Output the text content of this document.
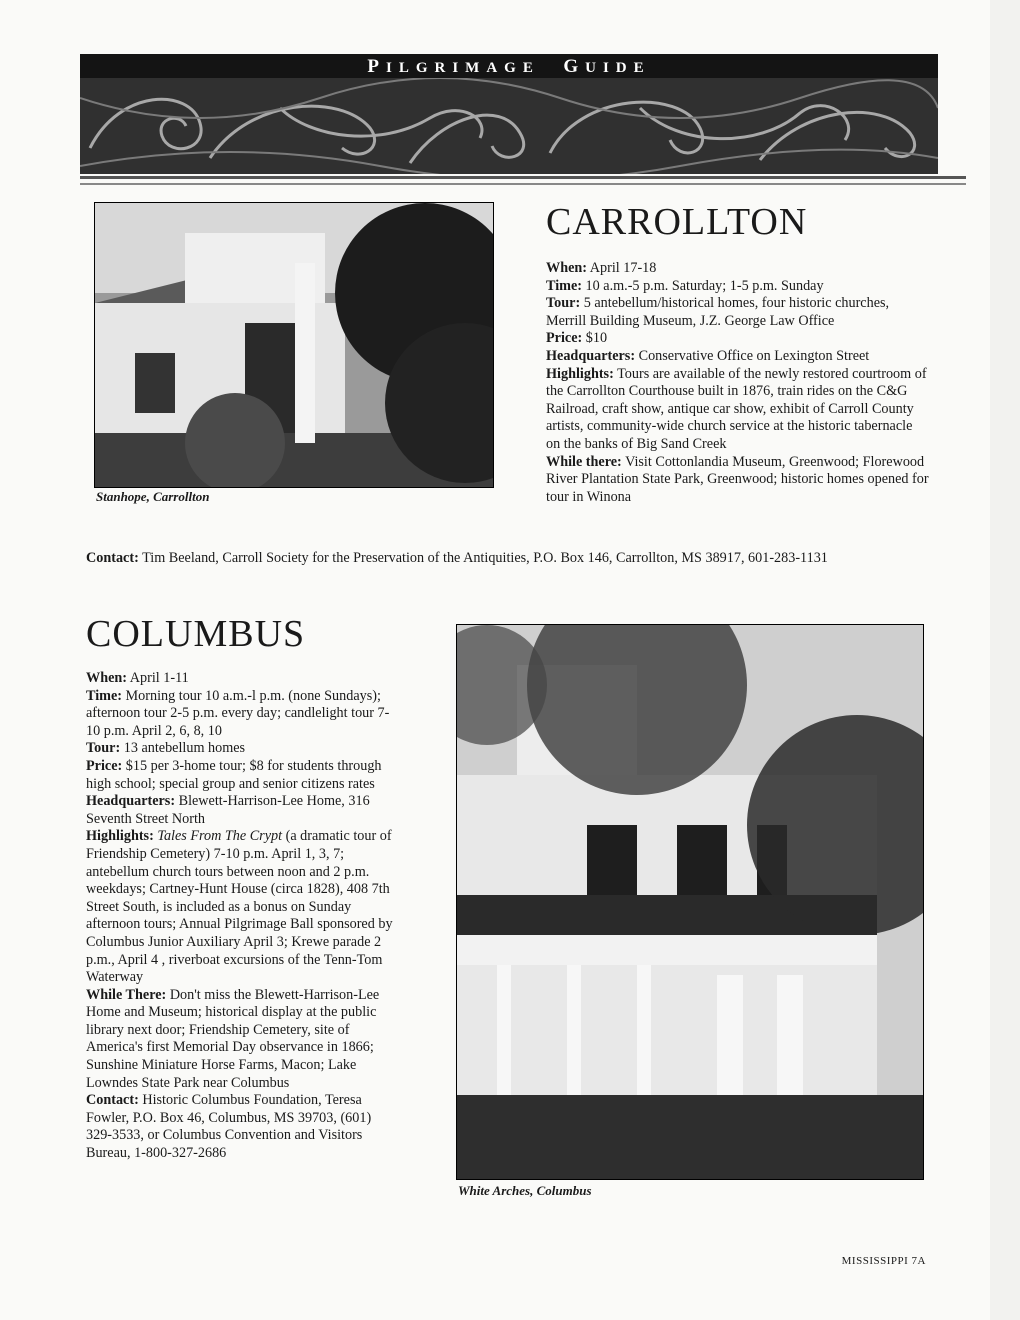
PILGRIMAGE GUIDE
Stanhope, Carrollton
CARROLLTON

When: April 17-18

Time: 10 a.m.-5 p.m. Saturday; 1-5 p.m. Sunday

Tour: 5 antebellum/historical homes, four historic churches, Merrill Building Museum, J.Z. George Law Office

Price: $10

Headquarters: Conservative Office on Lexington Street

Highlights: Tours are available of the newly restored courtroom of the Carrollton Courthouse built in 1876, train rides on the C&G Railroad, craft show, antique car show, exhibit of Carroll County artists, community-wide church service at the historic tabernacle on the banks of Big Sand Creek

While there: Visit Cottonlandia Museum, Greenwood; Florewood River Plantation State Park, Greenwood; historic homes opened for tour in Winona

Contact: Tim Beeland, Carroll Society for the Preservation of the Antiquities, P.O. Box 146, Carrollton, MS 38917, 601-283-1131
COLUMBUS

When: April 1-11

Time: Morning tour 10 a.m.-l p.m. (none Sundays); afternoon tour 2-5 p.m. every day; candlelight tour 7-10 p.m. April 2, 6, 8, 10

Tour: 13 antebellum homes

Price: $15 per 3-home tour; $8 for students through high school; special group and senior citizens rates

Headquarters: Blewett-Harrison-Lee Home, 316 Seventh Street North

Highlights: Tales From The Crypt (a dramatic tour of Friendship Cemetery) 7-10 p.m. April 1, 3, 7; antebellum church tours between noon and 2 p.m. weekdays; Cartney-Hunt House (circa 1828), 408 7th Street South, is included as a bonus on Sunday afternoon tours; Annual Pilgrimage Ball sponsored by Columbus Junior Auxiliary April 3; Krewe parade 2 p.m., April 4 , riverboat excursions of the Tenn-Tom Waterway

While There: Don't miss the Blewett-Harrison-Lee Home and Museum; historical display at the public library next door; Friendship Cemetery, site of America's first Memorial Day observance in 1866; Sunshine Miniature Horse Farms, Macon; Lake Lowndes State Park near Columbus

Contact: Historic Columbus Foundation, Teresa Fowler, P.O. Box 46, Columbus, MS 39703, (601) 329-3533, or Columbus Convention and Visitors Bureau, 1-800-327-2686

White Arches, Columbus
MISSISSIPPI 7A
